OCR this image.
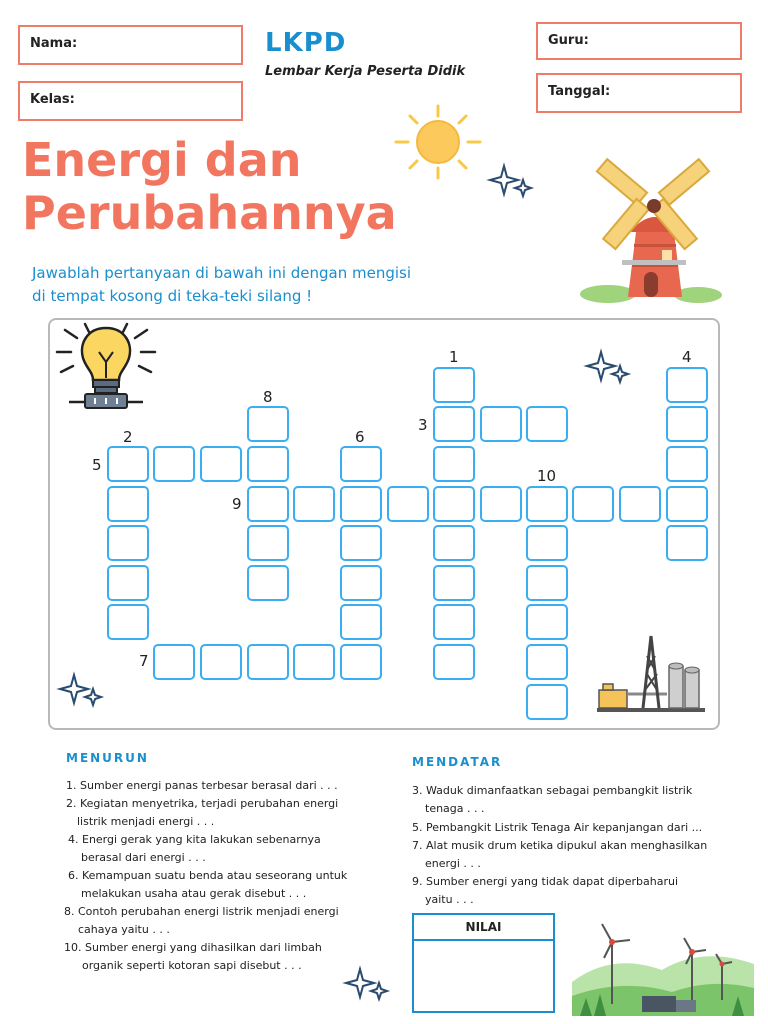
Nama:
Kelas:
Guru:
Tanggal:
LKPD
Lembar Kerja Peserta Didik
Energi dan
Perubahannya
Jawablah pertanyaan di bawah ini dengan mengisi
di tempat kosong di teka-teki silang !
1
2
3
4
5
6
7
8
9
10
MENURUN
1. Sumber energi panas terbesar berasal dari . . .
2. Kegiatan menyetrika, terjadi perubahan energi
listrik menjadi energi . . .
4. Energi gerak yang kita lakukan sebenarnya
berasal dari energi . . .
6. Kemampuan suatu benda atau seseorang untuk
melakukan usaha atau gerak disebut . . .
8. Contoh perubahan energi listrik menjadi energi
cahaya yaitu . . .
10. Sumber energi yang dihasilkan dari limbah
organik seperti kotoran sapi disebut . . .
MENDATAR
3. Waduk dimanfaatkan sebagai pembangkit listrik
tenaga . . .
5. Pembangkit Listrik Tenaga Air kepanjangan dari ...
7. Alat musik drum ketika dipukul akan menghasilkan
energi . . .
9. Sumber energi yang tidak dapat diperbaharui
yaitu . . .
NILAI
